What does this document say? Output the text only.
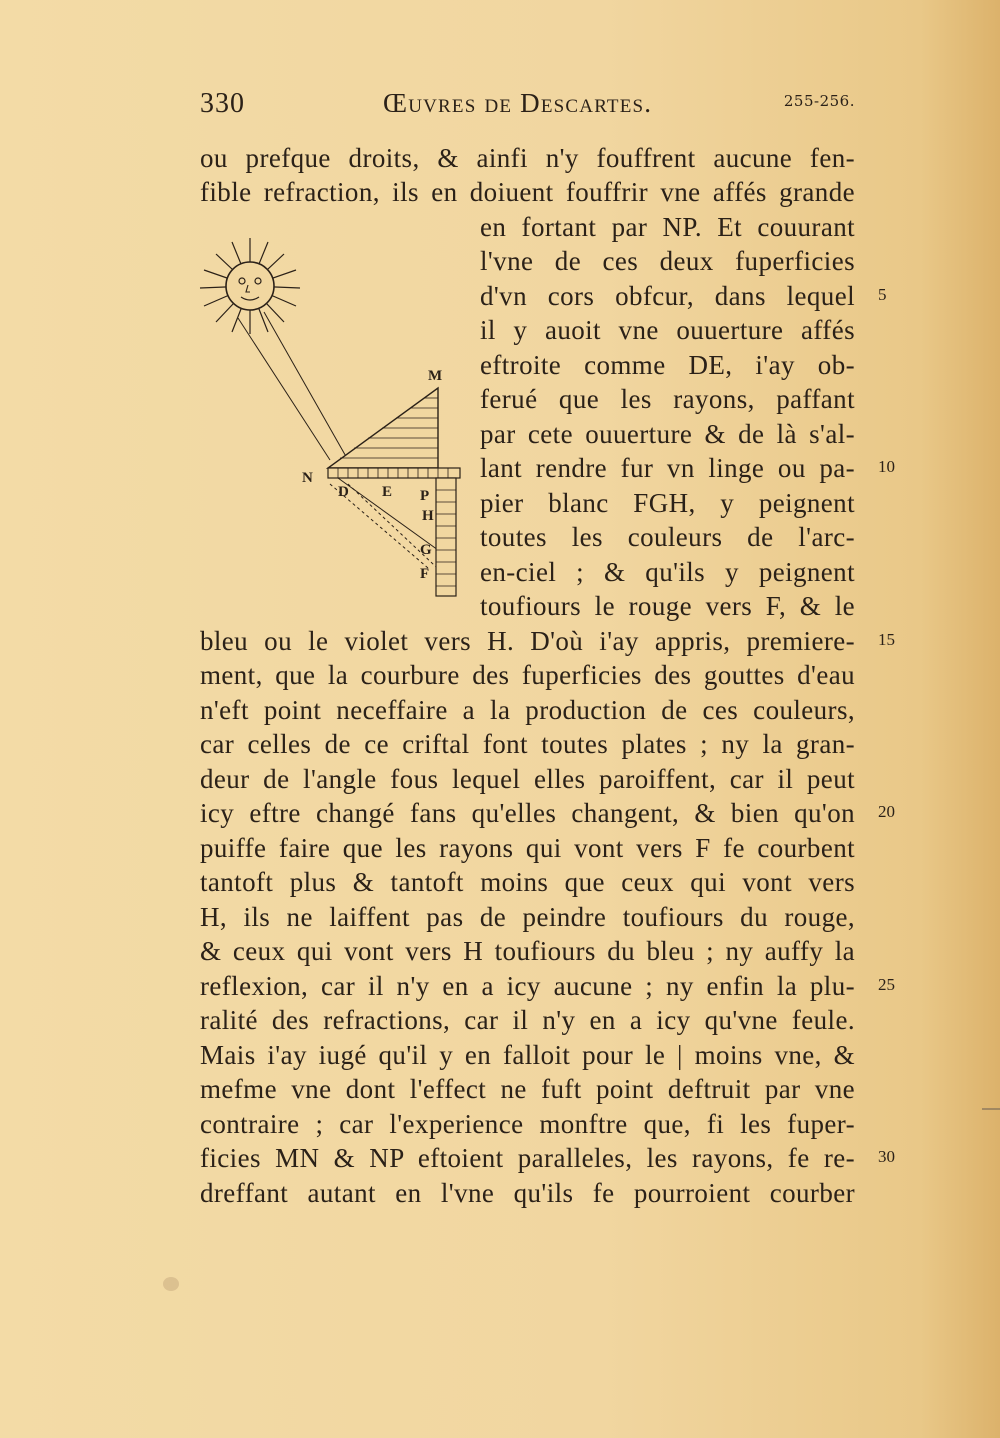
330	Œuvres de Descartes.	255-256.
M
N
D E P
H
G
F
ou prefque droits, & ainfi n'y fouffrent aucune fen-
fible refraction, ils en doiuent fouffrir vne affés grande
en fortant par NP. Et couurant
l'vne de ces deux fuperficies
d'vn cors obfcur, dans lequel
il y auoit vne ouuerture affés
eftroite comme DE, i'ay ob-
ferué que les rayons, paffant
par cete ouuerture & de là s'al-
lant rendre fur vn linge ou pa-
pier blanc FGH, y peignent
toutes les couleurs de l'arc-
en-ciel ; & qu'ils y peignent
toufiours le rouge vers F, & le
bleu ou le violet vers H. D'où i'ay appris, premiere-
ment, que la courbure des fuperficies des gouttes d'eau
n'eft point neceffaire a la production de ces couleurs,
car celles de ce criftal font toutes plates ; ny la gran-
deur de l'angle fous lequel elles paroiffent, car il peut
icy eftre changé fans qu'elles changent, & bien qu'on
puiffe faire que les rayons qui vont vers F fe courbent
tantoft plus & tantoft moins que ceux qui vont vers
H, ils ne laiffent pas de peindre toufiours du rouge,
& ceux qui vont vers H toufiours du bleu ; ny auffy la
reflexion, car il n'y en a icy aucune ; ny enfin la plu-
ralité des refractions, car il n'y en a icy qu'vne feule.
Mais i'ay iugé qu'il y en falloit pour le | moins vne, &
mefme vne dont l'effect ne fuft point deftruit par vne
contraire ; car l'experience monftre que, fi les fuper-
ficies MN & NP eftoient paralleles, les rayons, fe re-
dreffant autant en l'vne qu'ils fe pourroient courber
5
10
15
20
25
30
